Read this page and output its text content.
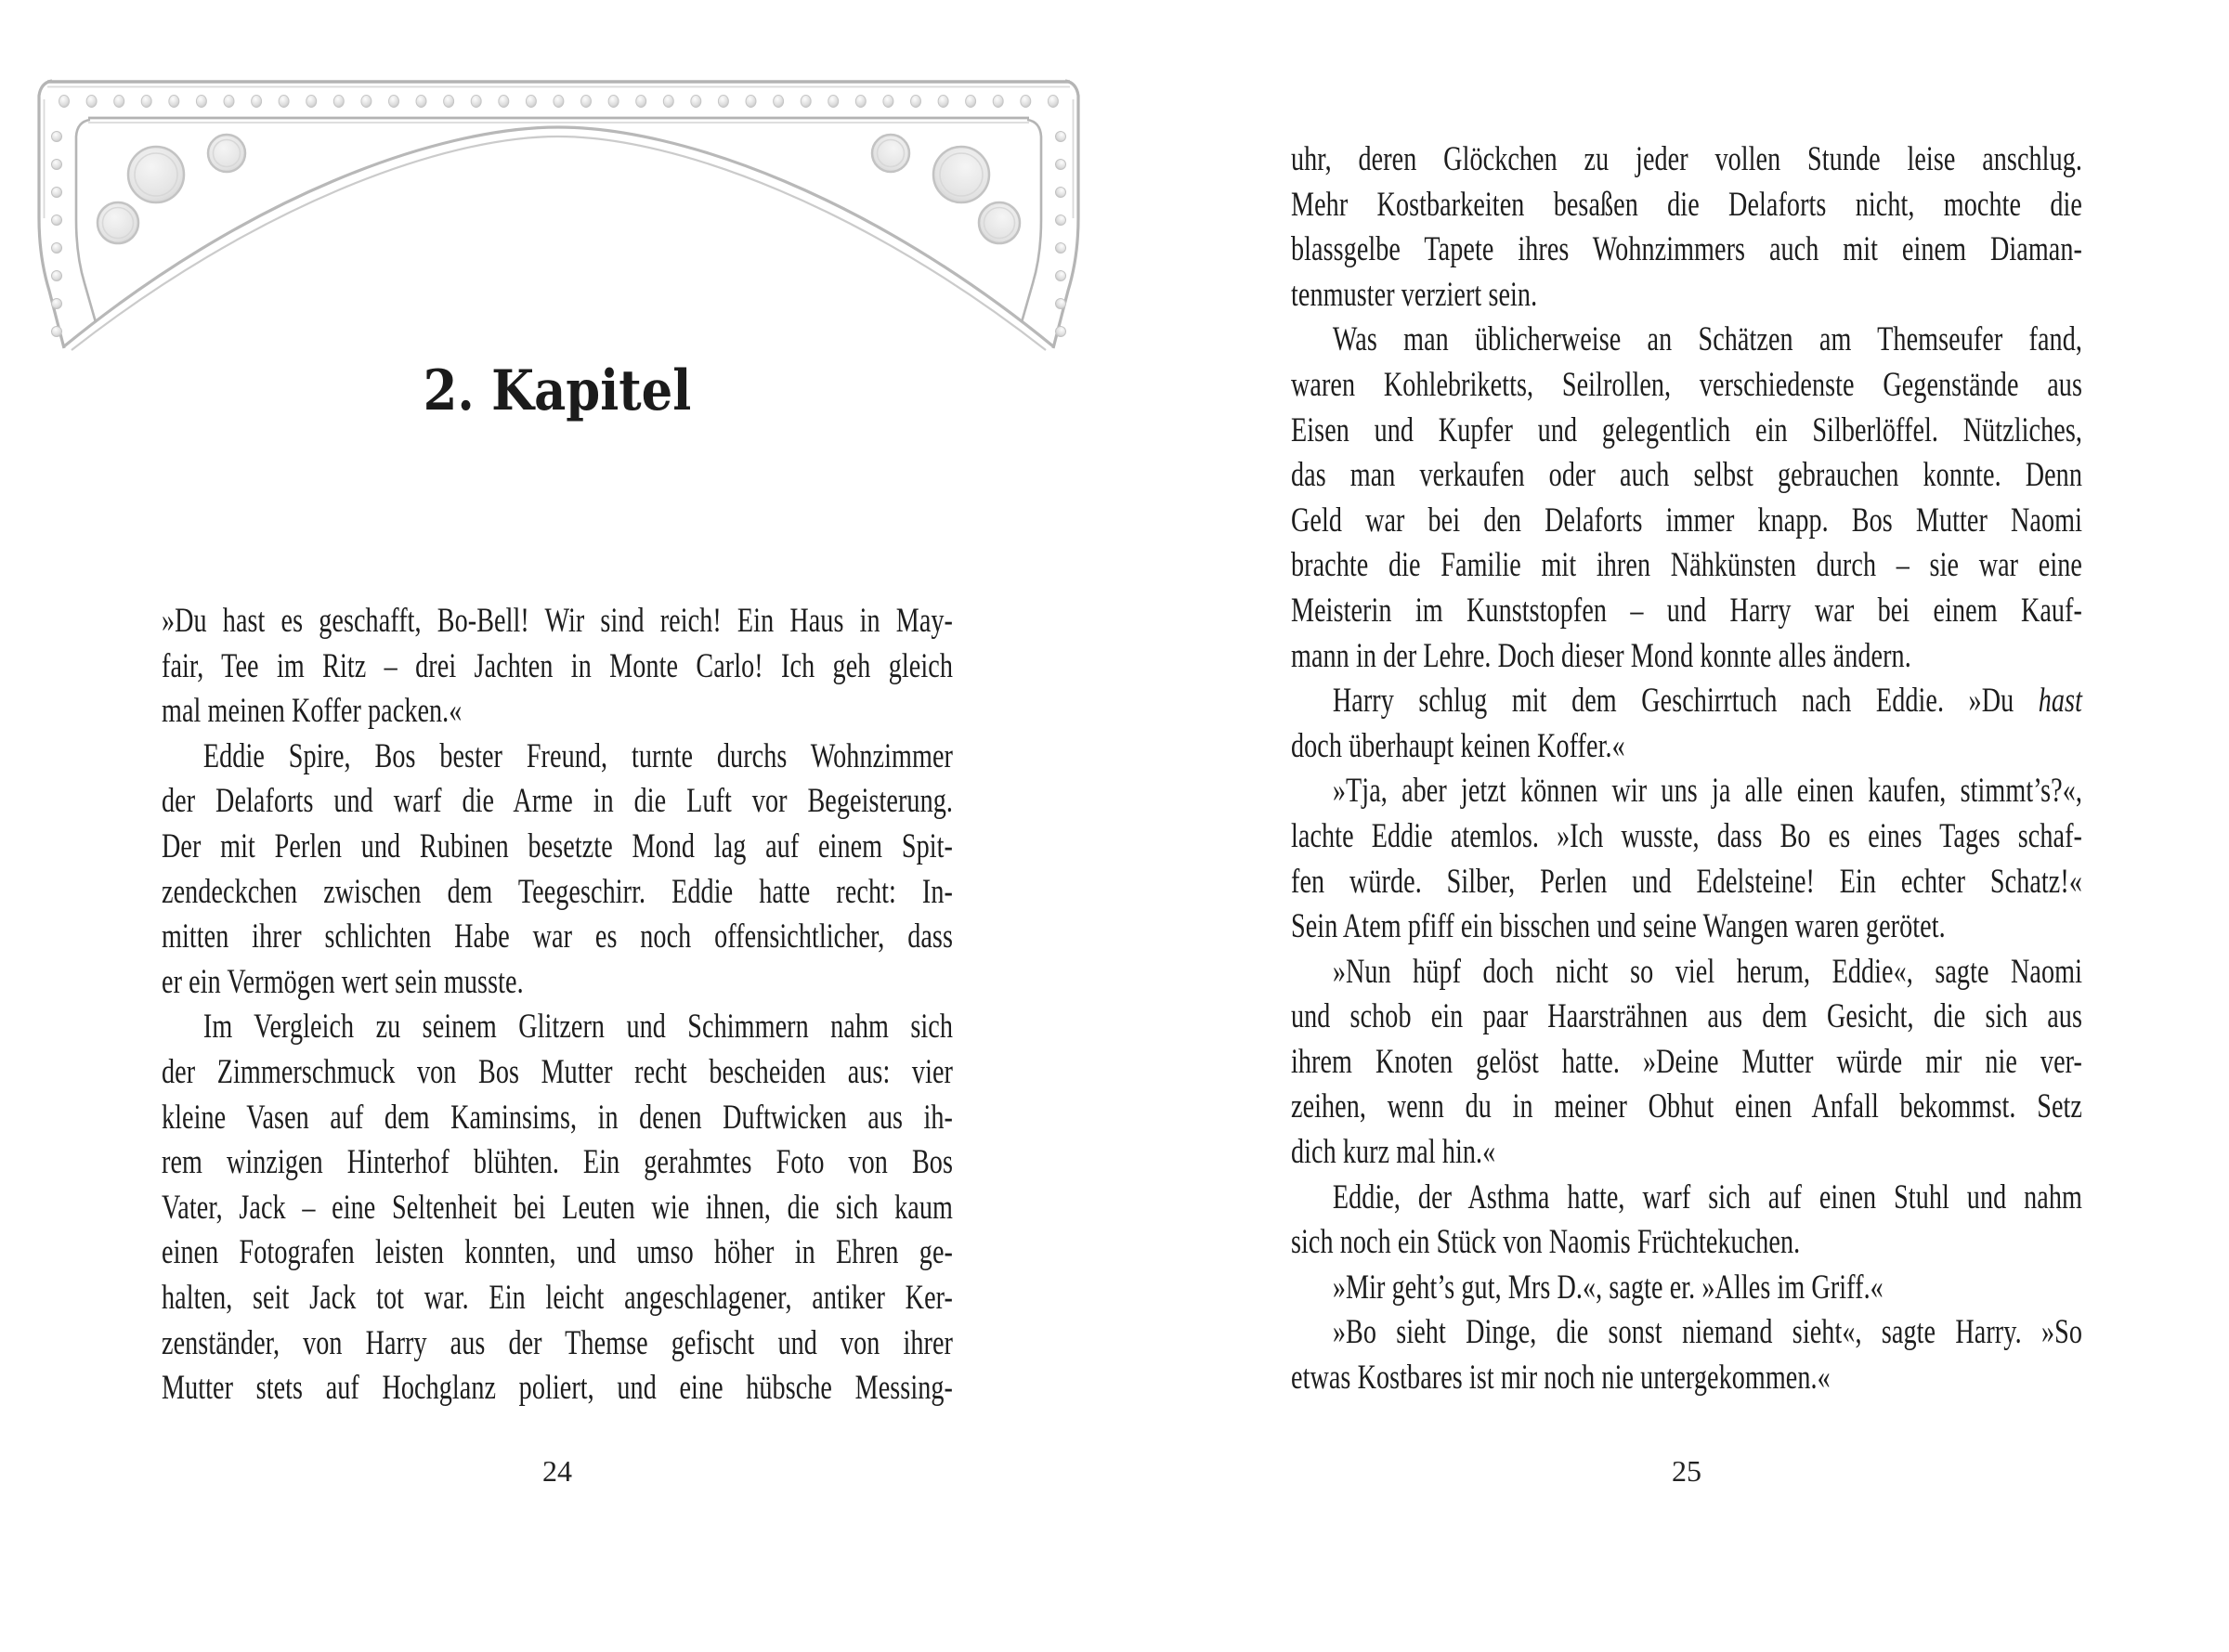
2. Kapitel
»Du hast es geschafft, Bo-Bell! Wir sind reich! Ein Haus in May-
fair, Tee im Ritz – drei Jachten in Monte Carlo! Ich geh gleich
mal meinen Koffer packen.«
Eddie Spire, Bos bester Freund, turnte durchs Wohnzimmer
der Delaforts und warf die Arme in die Luft vor Begeisterung.
Der mit Perlen und Rubinen besetzte Mond lag auf einem Spit-
zendeckchen zwischen dem Teegeschirr. Eddie hatte recht: In-
mitten ihrer schlichten Habe war es noch offensichtlicher, dass
er ein Vermögen wert sein musste.
Im Vergleich zu seinem Glitzern und Schimmern nahm sich
der Zimmerschmuck von Bos Mutter recht bescheiden aus: vier
kleine Vasen auf dem Kaminsims, in denen Duftwicken aus ih-
rem winzigen Hinterhof blühten. Ein gerahmtes Foto von Bos
Vater, Jack – eine Seltenheit bei Leuten wie ihnen, die sich kaum
einen Fotografen leisten konnten, und umso höher in Ehren ge-
halten, seit Jack tot war. Ein leicht angeschlagener, antiker Ker-
zenständer, von Harry aus der Themse gefischt und von ihrer
Mutter stets auf Hochglanz poliert, und eine hübsche Messing-
24
uhr, deren Glöckchen zu jeder vollen Stunde leise anschlug.
Mehr Kostbarkeiten besaßen die Delaforts nicht, mochte die
blassgelbe Tapete ihres Wohnzimmers auch mit einem Diaman-
tenmuster verziert sein.
Was man üblicherweise an Schätzen am Themseufer fand,
waren Kohlebriketts, Seilrollen, verschiedenste Gegenstände aus
Eisen und Kupfer und gelegentlich ein Silberlöffel. Nützliches,
das man verkaufen oder auch selbst gebrauchen konnte. Denn
Geld war bei den Delaforts immer knapp. Bos Mutter Naomi
brachte die Familie mit ihren Nähkünsten durch – sie war eine
Meisterin im Kunststopfen – und Harry war bei einem Kauf-
mann in der Lehre. Doch dieser Mond konnte alles ändern.
Harry schlug mit dem Geschirrtuch nach Eddie. »Du hast
doch überhaupt keinen Koffer.«
»Tja, aber jetzt können wir uns ja alle einen kaufen, stimmt’s?«,
lachte Eddie atemlos. »Ich wusste, dass Bo es eines Tages schaf-
fen würde. Silber, Perlen und Edelsteine! Ein echter Schatz!«
Sein Atem pfiff ein bisschen und seine Wangen waren gerötet.
»Nun hüpf doch nicht so viel herum, Eddie«, sagte Naomi
und schob ein paar Haarsträhnen aus dem Gesicht, die sich aus
ihrem Knoten gelöst hatte. »Deine Mutter würde mir nie ver-
zeihen, wenn du in meiner Obhut einen Anfall bekommst. Setz
dich kurz mal hin.«
Eddie, der Asthma hatte, warf sich auf einen Stuhl und nahm
sich noch ein Stück von Naomis Früchtekuchen.
»Mir geht’s gut, Mrs D.«, sagte er. »Alles im Griff.«
»Bo sieht Dinge, die sonst niemand sieht«, sagte Harry. »So
etwas Kostbares ist mir noch nie untergekommen.«
25
